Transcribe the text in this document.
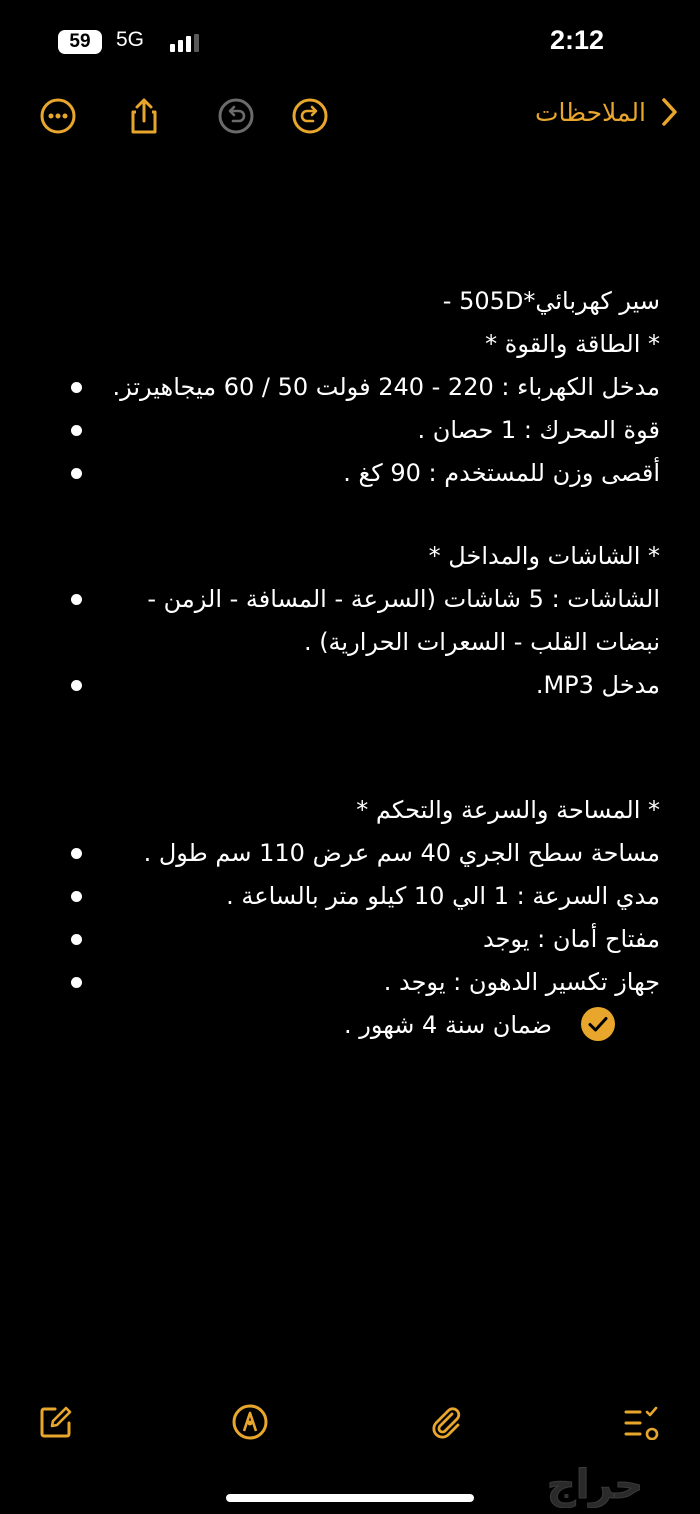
59	5G	2:12
الملاحظات

سير كهربائي*505D -

* الطاقة والقوة *

مدخل الكهرباء : 220 - 240 فولت 50 / 60 ميجاهيرتز.
قوة المحرك : 1 حصان .
أقصى وزن للمستخدم : 90 كغ .

* الشاشات والمداخل *

الشاشات : 5 شاشات (السرعة - المسافة - الزمن - نبضات القلب - السعرات الحرارية) .
مدخل MP3.

* المساحة والسرعة والتحكم *

مساحة سطح الجري 40 سم عرض 110 سم طول .
مدي السرعة : 1 الي 10 كيلو متر بالساعة .
مفتاح أمان : يوجد
جهاز تكسير الدهون : يوجد .
ضمان سنة 4 شهور .
حراج
